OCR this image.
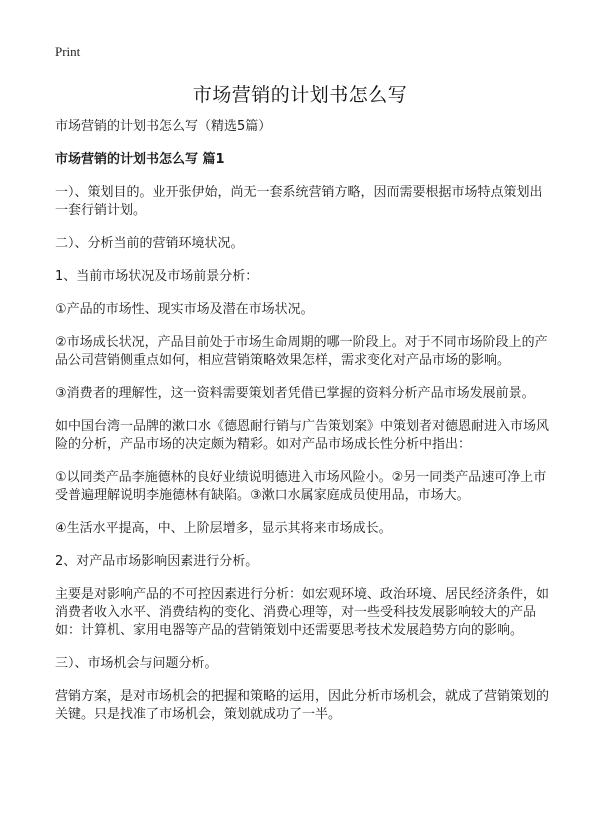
Print
市场营销的计划书怎么写

市场营销的计划书怎么写（精选5篇）

市场营销的计划书怎么写 篇1

一）、策划目的。业开张伊始，尚无一套系统营销方略，因而需要根据市场特点策划出一套行销计划。

二）、分析当前的营销环境状况。

1、当前市场状况及市场前景分析：

①产品的市场性、现实市场及潜在市场状况。

②市场成长状况，产品目前处于市场生命周期的哪一阶段上。对于不同市场阶段上的产品公司营销侧重点如何，相应营销策略效果怎样，需求变化对产品市场的影响。

③消费者的理解性，这一资料需要策划者凭借已掌握的资料分析产品市场发展前景。

如中国台湾一品牌的漱口水《德恩耐行销与广告策划案》中策划者对德恩耐进入市场风险的分析，产品市场的决定颇为精彩。如对产品市场成长性分析中指出：

①以同类产品李施德林的良好业绩说明德进入市场风险小。②另一同类产品速可净上市受普遍理解说明李施德林有缺陷。③漱口水属家庭成员使用品，市场大。

④生活水平提高，中、上阶层增多，显示其将来市场成长。

2、对产品市场影响因素进行分析。

主要是对影响产品的不可控因素进行分析：如宏观环境、政治环境、居民经济条件，如消费者收入水平、消费结构的变化、消费心理等，对一些受科技发展影响较大的产品如：计算机、家用电器等产品的营销策划中还需要思考技术发展趋势方向的影响。

三）、市场机会与问题分析。

营销方案，是对市场机会的把握和策略的运用，因此分析市场机会，就成了营销策划的关键。只是找准了市场机会，策划就成功了一半。
